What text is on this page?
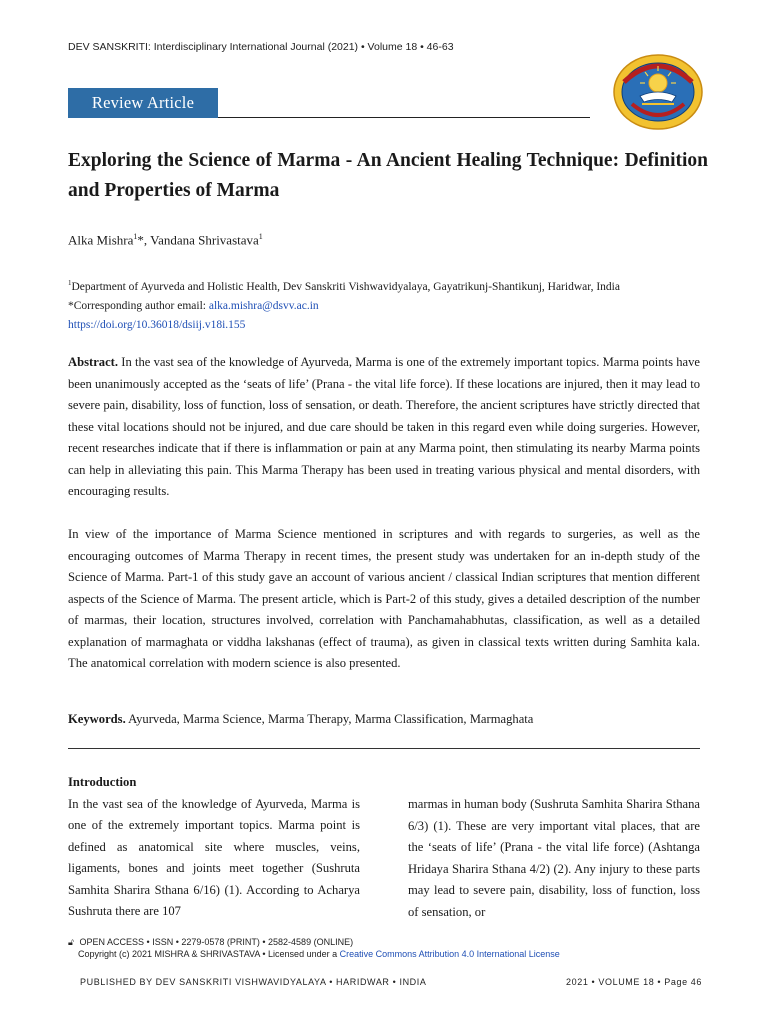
DEV SANSKRITI: Interdisciplinary International Journal (2021) • Volume 18 • 46-63
Review Article
Exploring the Science of Marma - An Ancient Healing Technique: Definition and Properties of Marma
Alka Mishra$^1$*, Vandana Shrivastava$^1$
$^1$Department of Ayurveda and Holistic Health, Dev Sanskriti Vishwavidyalaya, Gayatrikunj-Shantikunj, Haridwar, India
*Corresponding author email: alka.mishra@dsvv.ac.in
https://doi.org/10.36018/dsiij.v18i.155

Abstract. In the vast sea of the knowledge of Ayurveda, Marma is one of the extremely important topics. Marma points have been unanimously accepted as the ‘seats of life’ (Prana - the vital life force). If these locations are injured, then it may lead to severe pain, disability, loss of function, loss of sensation, or death. Therefore, the ancient scriptures have strictly directed that these vital locations should not be injured, and due care should be taken in this regard even while doing surgeries. However, recent researches indicate that if there is inflammation or pain at any Marma point, then stimulating its nearby Marma points can help in alleviating this pain. This Marma Therapy has been used in treating various physical and mental disorders, with encouraging results.

In view of the importance of Marma Science mentioned in scriptures and with regards to surgeries, as well as the encouraging outcomes of Marma Therapy in recent times, the present study was undertaken for an in-depth study of the Science of Marma. Part-1 of this study gave an account of various ancient / classical Indian scriptures that mention different aspects of the Science of Marma. The present article, which is Part-2 of this study, gives a detailed description of the number of marmas, their location, structures involved, correlation with Panchamahabhutas, classification, as well as a detailed explanation of marmaghata or viddha lakshanas (effect of trauma), as given in classical texts written during Samhita kala. The anatomical correlation with modern science is also presented.

Keywords. Ayurveda, Marma Science, Marma Therapy, Marma Classification, Marmaghata

Introduction

In the vast sea of the knowledge of Ayurveda, Marma is one of the extremely important topics. Marma point is defined as anatomical site where muscles, veins, ligaments, bones and joints meet together (Sushruta Samhita Sharira Sthana 6/16) (1). According to Acharya Sushruta there are 107

marmas in human body (Sushruta Samhita Sharira Sthana 6/3) (1). These are very important vital places, that are the ‘seats of life’ (Prana - the vital life force) (Ashtanga Hridaya Sharira Sthana 4/2) (2). Any injury to these parts may lead to severe pain, disability, loss of function, loss of sensation, or

🔓︎ OPEN ACCESS • ISSN • 2279-0578 (PRINT) • 2582-4589 (ONLINE)
Copyright (c) 2021 MISHRA & SHRIVASTAVA • Licensed under a Creative Commons Attribution 4.0 International License
PUBLISHED BY DEV SANSKRITI VISHWAVIDYALAYA • HARIDWAR • INDIA	2021 • VOLUME 18 • Page 46
